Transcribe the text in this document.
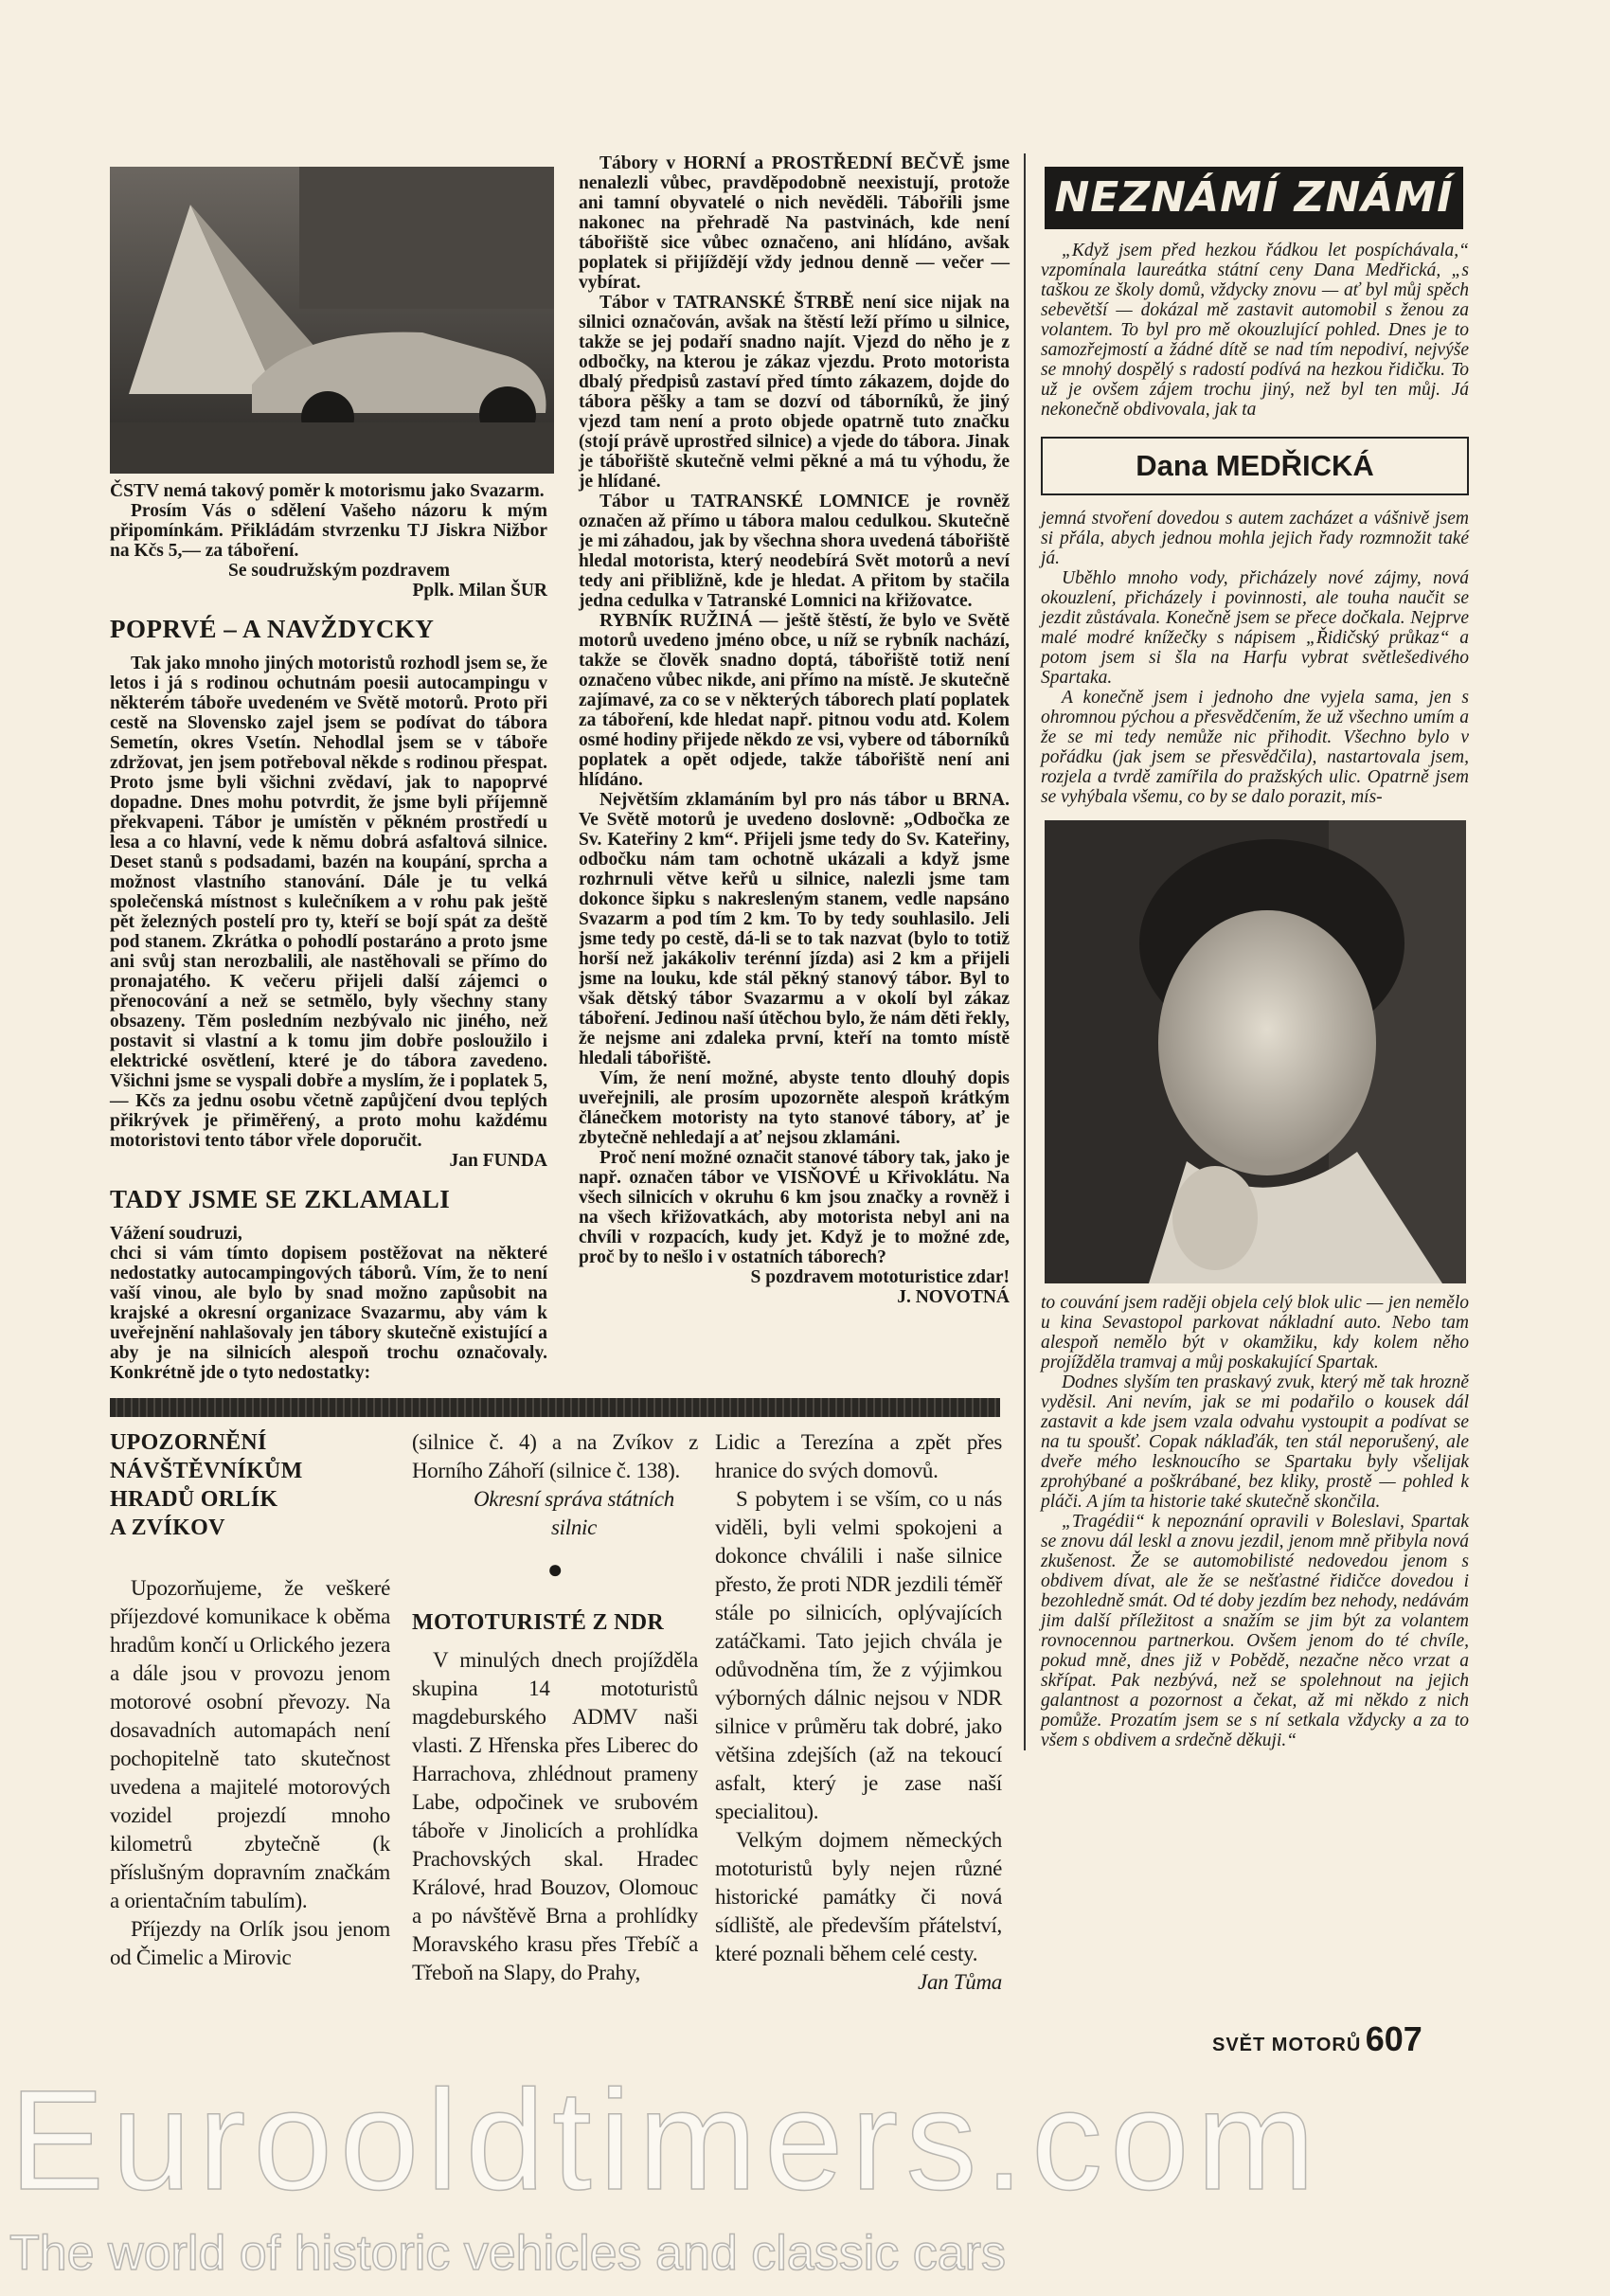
ČSTV nemá takový poměr k motorismu jako Svazarm.

Prosím Vás o sdělení Vašeho názoru k mým připomínkám. Přikládám stvrzenku TJ Jiskra Nižbor na Kčs 5,— za táboření.

Se soudružským pozdravem

Pplk. Milan ŠUR

POPRVÉ – A NAVŽDYCKY

Tak jako mnoho jiných motoristů rozhodl jsem se, že letos i já s rodinou ochutnám poesii autocampingu v některém táboře uvedeném ve Světě motorů. Proto při cestě na Slovensko zajel jsem se podívat do tábora Semetín, okres Vsetín. Nehodlal jsem se v táboře zdržovat, jen jsem potřeboval někde s rodinou přespat. Proto jsme byli všichni zvědaví, jak to napoprvé dopadne. Dnes mohu potvrdit, že jsme byli příjemně překvapeni. Tábor je umístěn v pěkném prostředí u lesa a co hlavní, vede k němu dobrá asfaltová silnice. Deset stanů s podsadami, bazén na koupání, sprcha a možnost vlastního stanování. Dále je tu velká společenská místnost s kulečníkem a v rohu pak ještě pět železných postelí pro ty, kteří se bojí spát za deště pod stanem. Zkrátka o pohodlí postaráno a proto jsme ani svůj stan nerozbalili, ale nastěhovali se přímo do pronajatého. K večeru přijeli další zájemci o přenocování a než se setmělo, byly všechny stany obsazeny. Těm posledním nezbývalo nic jiného, než postavit si vlastní a k tomu jim dobře posloužilo i elektrické osvětlení, které je do tábora zavedeno. Všichni jsme se vyspali dobře a myslím, že i poplatek 5,— Kčs za jednu osobu včetně zapůjčení dvou teplých přikrývek je přiměřený, a proto mohu každému motoristovi tento tábor vřele doporučit.

Jan FUNDA

TADY JSME SE ZKLAMALI

Vážení soudruzi,

chci si vám tímto dopisem postěžovat na některé nedostatky autocampingových táborů. Vím, že to není vaší vinou, ale bylo by snad možno zapůsobit na krajské a okresní organizace Svazarmu, aby vám k uveřejnění nahlašovaly jen tábory skutečně existující a aby je na silnicích alespoň trochu označovaly. Konkrétně jde o tyto nedostatky:

Tábory v HORNÍ a PROSTŘEDNÍ BEČVĚ jsme nenalezli vůbec, pravděpodobně neexistují, protože ani tamní obyvatelé o nich nevěděli. Tábořili jsme nakonec na přehradě Na pastvinách, kde není tábořiště sice vůbec označeno, ani hlídáno, avšak poplatek si přijíždějí vždy jednou denně — večer — vybírat.

Tábor v TATRANSKÉ ŠTRBĚ není sice nijak na silnici označován, avšak na štěstí leží přímo u silnice, takže se jej podaří snadno najít. Vjezd do něho je z odbočky, na kterou je zákaz vjezdu. Proto motorista dbalý předpisů zastaví před tímto zákazem, dojde do tábora pěšky a tam se dozví od táborníků, že jiný vjezd tam není a proto objede opatrně tuto značku (stojí právě uprostřed silnice) a vjede do tábora. Jinak je tábořiště skutečně velmi pěkné a má tu výhodu, že je hlídané.

Tábor u TATRANSKÉ LOMNICE je rovněž označen až přímo u tábora malou cedulkou. Skutečně je mi záhadou, jak by všechna shora uvedená tábořiště hledal motorista, který neodebírá Svět motorů a neví tedy ani přibližně, kde je hledat. A přitom by stačila jedna cedulka v Tatranské Lomnici na křižovatce.

RYBNÍK RUŽINÁ — ještě štěstí, že bylo ve Světě motorů uvedeno jméno obce, u níž se rybník nachází, takže se člověk snadno doptá, tábořiště totiž není označeno vůbec nikde, ani přímo na místě. Je skutečně zajímavé, za co se v některých táborech platí poplatek za táboření, kde hledat např. pitnou vodu atd. Kolem osmé hodiny přijede někdo ze vsi, vybere od táborníků poplatek a opět odjede, takže tábořiště není ani hlídáno.

Největším zklamáním byl pro nás tábor u BRNA. Ve Světě motorů je uvedeno doslovně: „Odbočka ze Sv. Kateřiny 2 km“. Přijeli jsme tedy do Sv. Kateřiny, odbočku nám tam ochotně ukázali a když jsme rozhrnuli větve keřů u silnice, nalezli jsme tam dokonce šipku s nakresleným stanem, vedle napsáno Svazarm a pod tím 2 km. To by tedy souhlasilo. Jeli jsme tedy po cestě, dá-li se to tak nazvat (bylo to totiž horší než jakákoliv terénní jízda) asi 2 km a přijeli jsme na louku, kde stál pěkný stanový tábor. Byl to však dětský tábor Svazarmu a v okolí byl zákaz táboření. Jedinou naší útěchou bylo, že nám děti řekly, že nejsme ani zdaleka první, kteří na tomto místě hledali tábořiště.

Vím, že není možné, abyste tento dlouhý dopis uveřejnili, ale prosím upozorněte alespoň krátkým článečkem motoristy na tyto stanové tábory, ať je zbytečně nehledají a ať nejsou zklamáni.

Proč není možné označit stanové tábory tak, jako je např. označen tábor ve VISŇOVÉ u Křivoklátu. Na všech silnicích v okruhu 6 km jsou značky a rovněž i na všech křižovatkách, aby motorista nebyl ani na chvíli v rozpacích, kudy jet. Když je to možné zde, proč by to nešlo i v ostatních táborech?

S pozdravem mototuristice zdar!

J. NOVOTNÁ

UPOZORNĚNÍ
NÁVŠTĚVNÍKŮM
HRADŮ ORLÍK
A ZVÍKOV

Upozorňujeme, že veškeré příjezdové komunikace k oběma hradům končí u Orlického jezera a dále jsou v provozu jenom motorové osobní převozy. Na dosavadních automapách není pochopitelně tato skutečnost uvedena a majitelé motorových vozidel projezdí mnoho kilometrů zbytečně (k příslušným dopravním značkám a orientačním tabulím).

Příjezdy na Orlík jsou jenom od Čimelic a Mirovic

(silnice č. 4) a na Zvíkov z Horního Záhoří (silnice č. 138).

Okresní správa státních silnic

●
MOTOTURISTÉ Z NDR

V minulých dnech projížděla skupina 14 mototuristů magdeburského ADMV naši vlasti. Z Hřenska přes Liberec do Harrachova, zhlédnout prameny Labe, odpočinek ve srubovém táboře v Jinolicích a prohlídka Prachovských skal. Hradec Králové, hrad Bouzov, Olomouc a po návštěvě Brna a prohlídky Moravského krasu přes Třebíč a Třeboň na Slapy, do Prahy,

Lidic a Terezína a zpět přes hranice do svých domovů.

S pobytem i se vším, co u nás viděli, byli velmi spokojeni a dokonce chválili i naše silnice přesto, že proti NDR jezdili téměř stále po silnicích, oplývajících zatáčkami. Tato jejich chvála je odůvodněna tím, že z výjimkou výborných dálnic nejsou v NDR silnice v průměru tak dobré, jako většina zdejších (až na tekoucí asfalt, který je zase naší specialitou).

Velkým dojmem německých mototuristů byly nejen různé historické památky či nová sídliště, ale především přátelství, které poznali během celé cesty.

Jan Tůma

NEZNÁMÍ ZNÁMÍ

„Když jsem před hezkou řádkou let pospíchávala,“ vzpomínala laureátka státní ceny Dana Medřická, „s taškou ze školy domů, vždycky znovu — ať byl můj spěch sebevětší — dokázal mě zastavit automobil s ženou za volantem. To byl pro mě okouzlující pohled. Dnes je to samozřejmostí a žádné dítě se nad tím nepodiví, nejvýše se mnohý dospělý s radostí podívá na hezkou řidičku. To už je ovšem zájem trochu jiný, než byl ten můj. Já nekonečně obdivovala, jak ta

Dana MEDŘICKÁ

jemná stvoření dovedou s autem zacházet a vášnivě jsem si přála, abych jednou mohla jejich řady rozmnožit také já.

Uběhlo mnoho vody, přicházely nové zájmy, nová okouzlení, přicházely i povinnosti, ale touha naučit se jezdit zůstávala. Konečně jsem se přece dočkala. Nejprve malé modré knížečky s nápisem „Řidičský průkaz“ a potom jsem si šla na Harfu vybrat světlešedivého Spartaka.

A konečně jsem i jednoho dne vyjela sama, jen s ohromnou pýchou a přesvědčením, že už všechno umím a že se mi tedy nemůže nic přihodit. Všechno bylo v pořádku (jak jsem se přesvědčila), nastartovala jsem, rozjela a tvrdě zamířila do pražských ulic. Opatrně jsem se vyhýbala všemu, co by se dalo porazit, mís-

to couvání jsem raději objela celý blok ulic — jen nemělo u kina Sevastopol parkovat nákladní auto. Nebo tam alespoň nemělo být v okamžiku, kdy kolem něho projížděla tramvaj a můj poskakující Spartak.

Dodnes slyším ten praskavý zvuk, který mě tak hrozně vyděsil. Ani nevím, jak se mi podařilo o kousek dál zastavit a kde jsem vzala odvahu vystoupit a podívat se na tu spoušť. Copak náklaďák, ten stál neporušený, ale dveře mého lesknoucího se Spartaku byly všelijak zprohýbané a poškrábané, bez kliky, prostě — pohled k pláči. A jím ta historie také skutečně skončila.

„Tragédii“ k nepoznání opravili v Boleslavi, Spartak se znovu dál leskl a znovu jezdil, jenom mně přibyla nová zkušenost. Že se automobilisté nedovedou jenom s obdivem dívat, ale že se nešťastné řidičce dovedou i bezohledně smát. Od té doby jezdím bez nehody, nedávám jim další příležitost a snažím se jim být za volantem rovnocennou partnerkou. Ovšem jenom do té chvíle, pokud mně, dnes již v Pobědě, nezačne něco vrzat a skřípat. Pak nezbývá, než se spolehnout na jejich galantnost a pozornost a čekat, až mi někdo z nich pomůže. Prozatím jsem se s ní setkala vždycky a za to všem s obdivem a srdečně děkuji.“

SVĚT MOTORŮ 607
Eurooldtimers.com
The world of historic vehicles and classic cars
